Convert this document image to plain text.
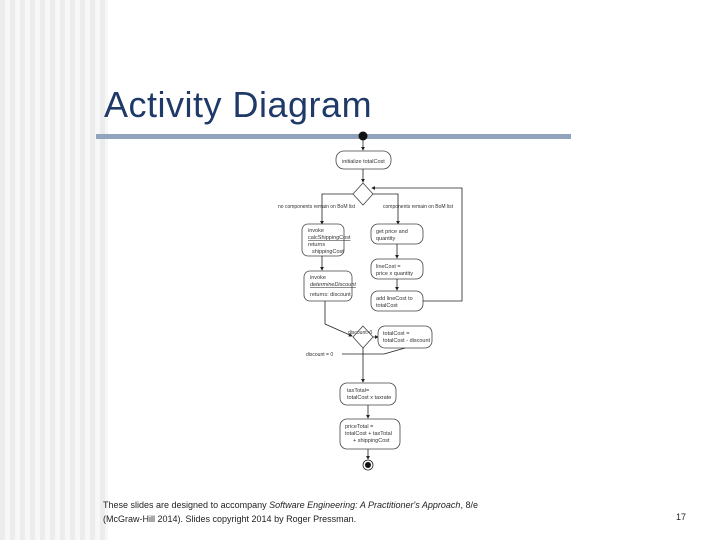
Activity Diagram
initialize totalCost
no components remain on BoM list	components remain on BoM list
invoke
calcShippingCost
returns
shippingCost
invoke
determineDiscount
returns: discount
get price and
quantity
lineCost =
price x quantity
add lineCost to
totalCost
discount>0
discount = 0
totalCost =
totalCost - discount
taxTotal=
totalCost x taxrate
priceTotal =
totalCost + taxTotal
+ shippingCost
These slides are designed to accompany Software Engineering: A Practitioner's Approach, 8/e
(McGraw-Hill 2014). Slides copyright 2014 by Roger Pressman.	17
